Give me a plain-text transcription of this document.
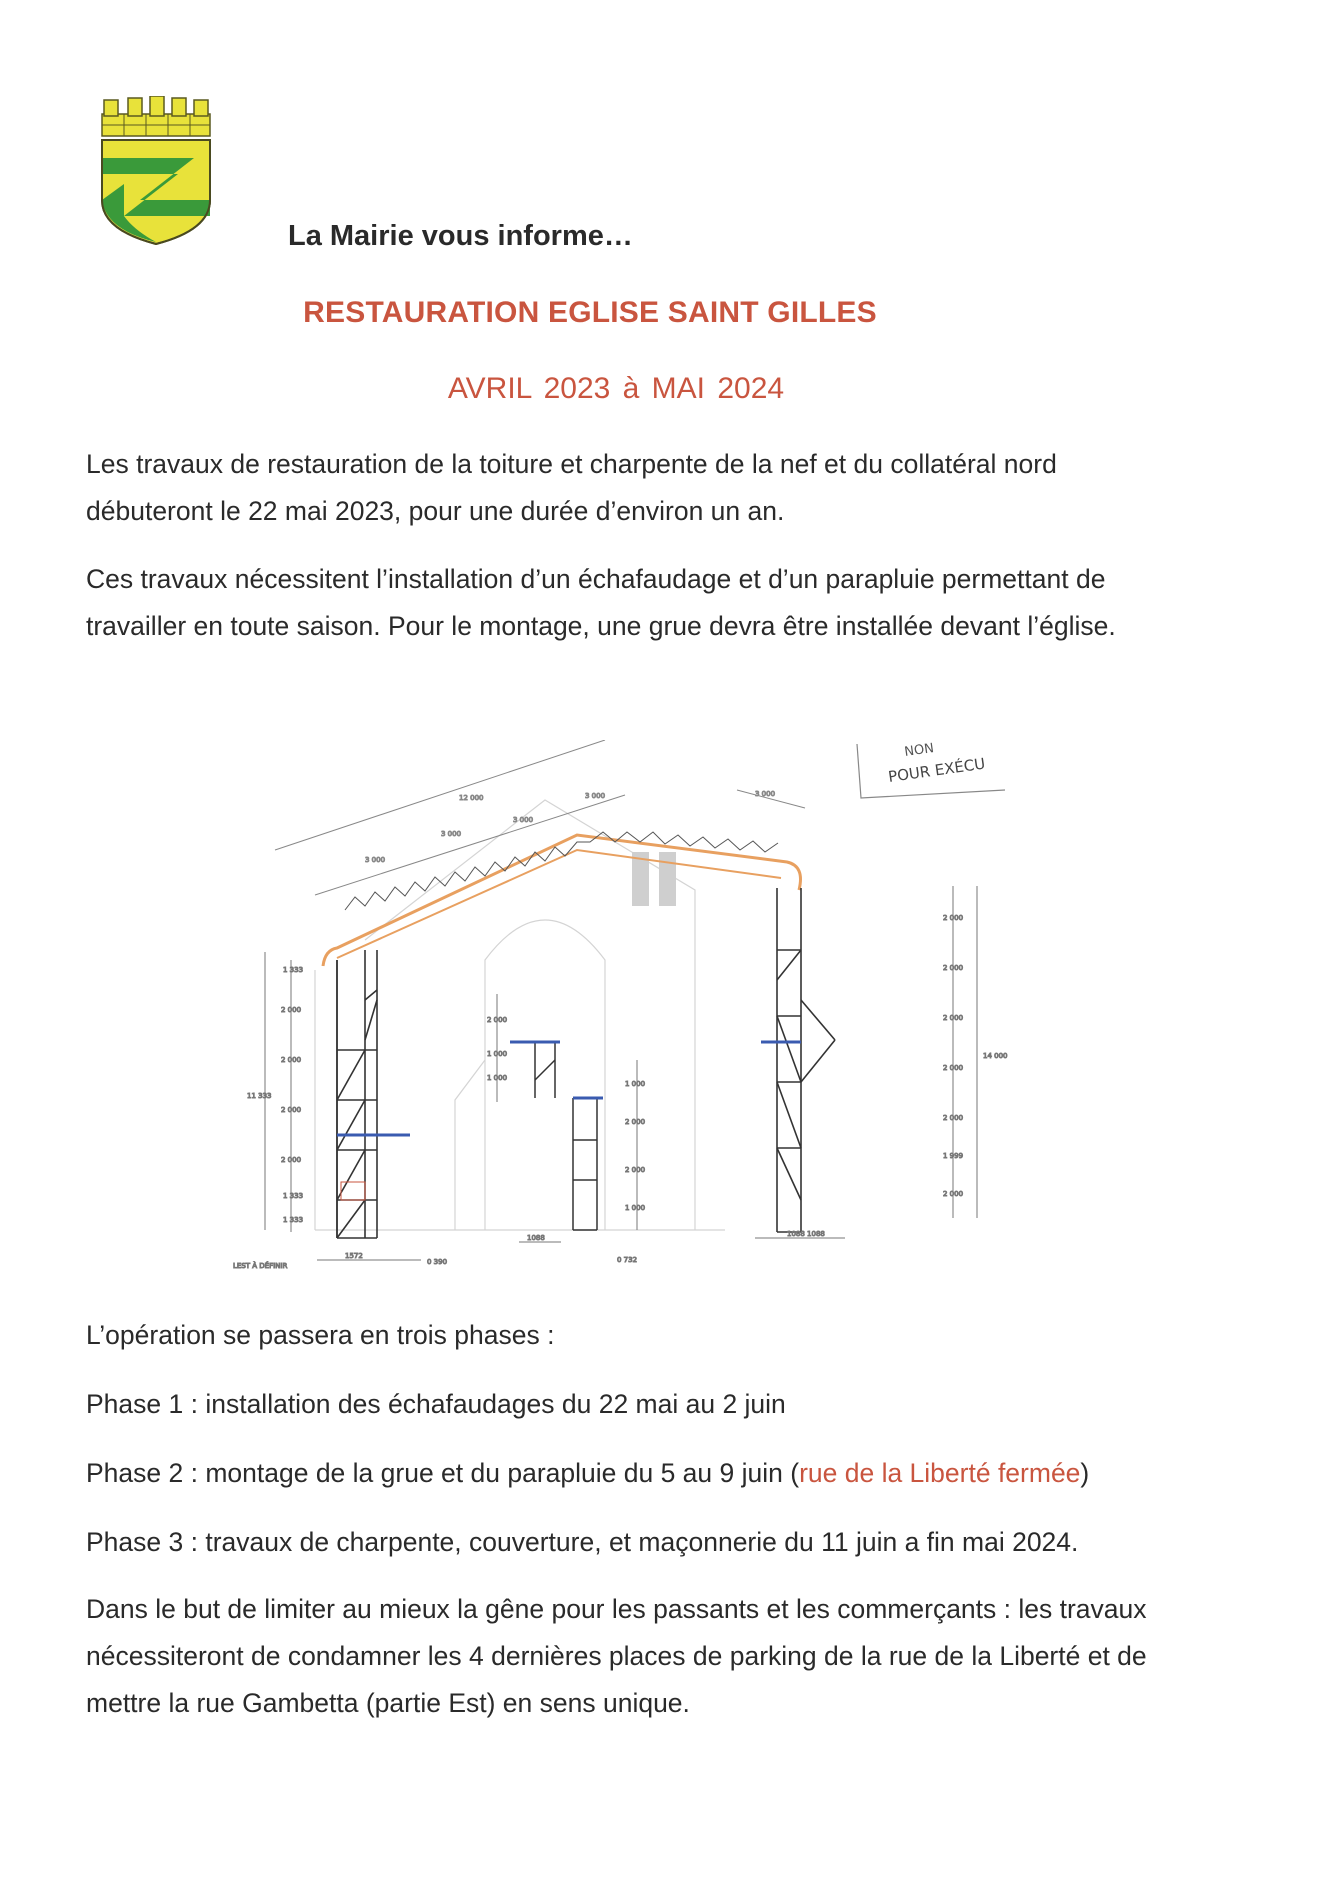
La Mairie vous informe…
RESTAURATION EGLISE SAINT GILLES
AVRIL 2023 à MAI 2024
Les travaux de restauration de la toiture et charpente de la nef et du collatéral nord
débuteront le 22 mai 2023, pour une durée d’environ un an.
Ces travaux nécessitent l’installation d’un échafaudage et d’un parapluie permettant de
travailler en toute saison. Pour le montage, une grue devra être installée devant l’église.
3 000
3 000
3 000
3 000
12 000	3 000
NON
POUR EXÉCU
1 333
2 000
2 000
2 000
2 000
1 333
1 333
11 333
2 000
1 000
1 000
1 000
2 000
2 000
1 000
2 000
2 000
2 000
2 000
2 000
1 999
2 000
14 000
LEST À DÉFINIR
1572
0 390
1088
0 732
1088 1088
L’opération se passera en trois phases :
Phase 1 : installation des échafaudages du 22 mai au 2 juin
Phase 2 : montage de la grue et du parapluie du 5 au 9 juin (rue de la Liberté fermée)
Phase 3 : travaux de charpente, couverture, et maçonnerie du 11 juin a fin mai 2024.
Dans le but de limiter au mieux la gêne pour les passants et les commerçants : les travaux
nécessiteront de condamner les 4 dernières places de parking de la rue de la Liberté et de
mettre la rue Gambetta (partie Est) en sens unique.
